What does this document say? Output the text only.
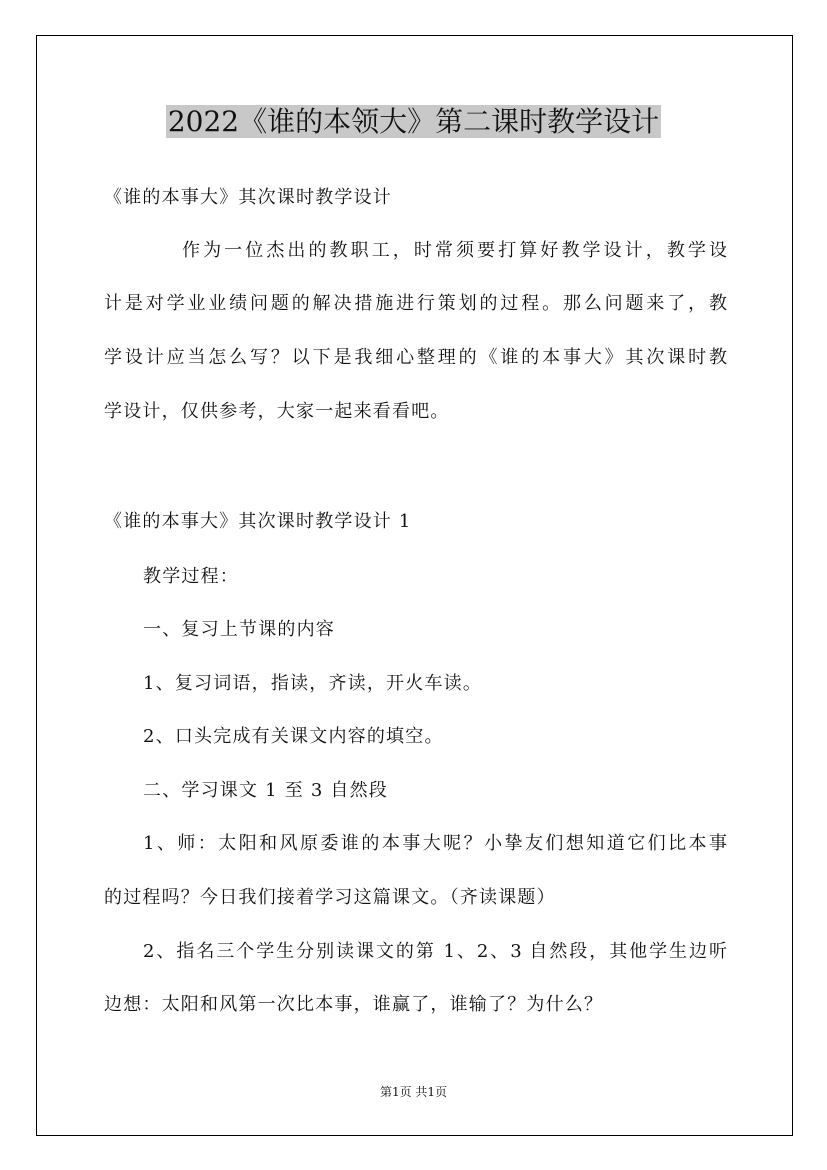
2022《谁的本领大》第二课时教学设计
《谁的本事大》其次课时教学设计
作为一位杰出的教职工，时常须要打算好教学设计，教学设
计是对学业业绩问题的解决措施进行策划的过程。那么问题来了，教
学设计应当怎么写？以下是我细心整理的《谁的本事大》其次课时教
学设计，仅供参考，大家一起来看看吧。
《谁的本事大》其次课时教学设计 1
教学过程：
一、复习上节课的内容
1、复习词语，指读，齐读，开火车读。
2、口头完成有关课文内容的填空。
二、学习课文 1 至 3 自然段
1、师：太阳和风原委谁的本事大呢？小挚友们想知道它们比本事
的过程吗？今日我们接着学习这篇课文。（齐读课题）
2、指名三个学生分别读课文的第 1、2、3 自然段，其他学生边听
边想：太阳和风第一次比本事，谁赢了，谁输了？为什么？
第1页 共1页
